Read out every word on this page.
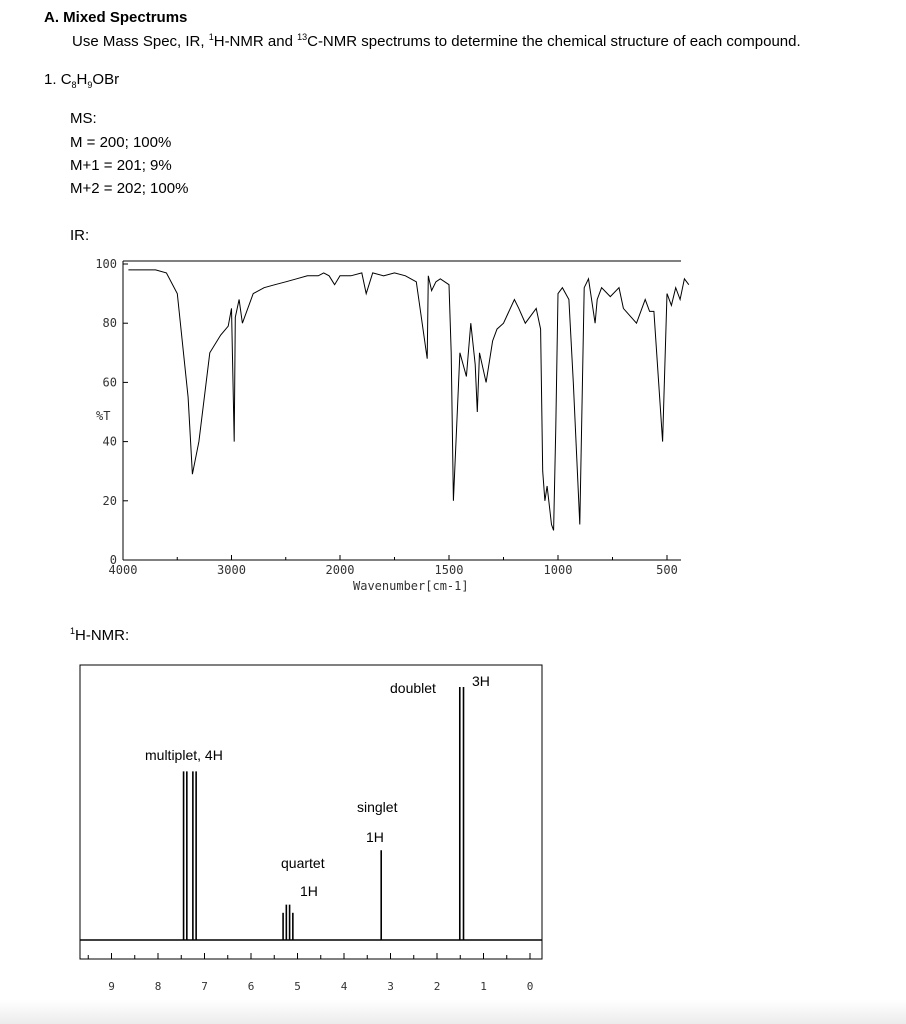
A. Mixed Spectrums
Use Mass Spec, IR, $^1$H-NMR and $^{13}$C-NMR spectrums to determine the chemical structure of each compound.
1. $C_8H_9OBr$
MS:
M = 200; 100%
M+1 = 201; 9%
M+2 = 202; 100%
IR:
100
80
60
40
20
0
4000	3000	2000	1500	1000	500
%T
Wavenumber[cm-1]
9	8	7	6	5	4	3	2	1	0
multiplet, 4H
singlet
1H
quartet
1H
doublet	3H
$^1$H-NMR:
